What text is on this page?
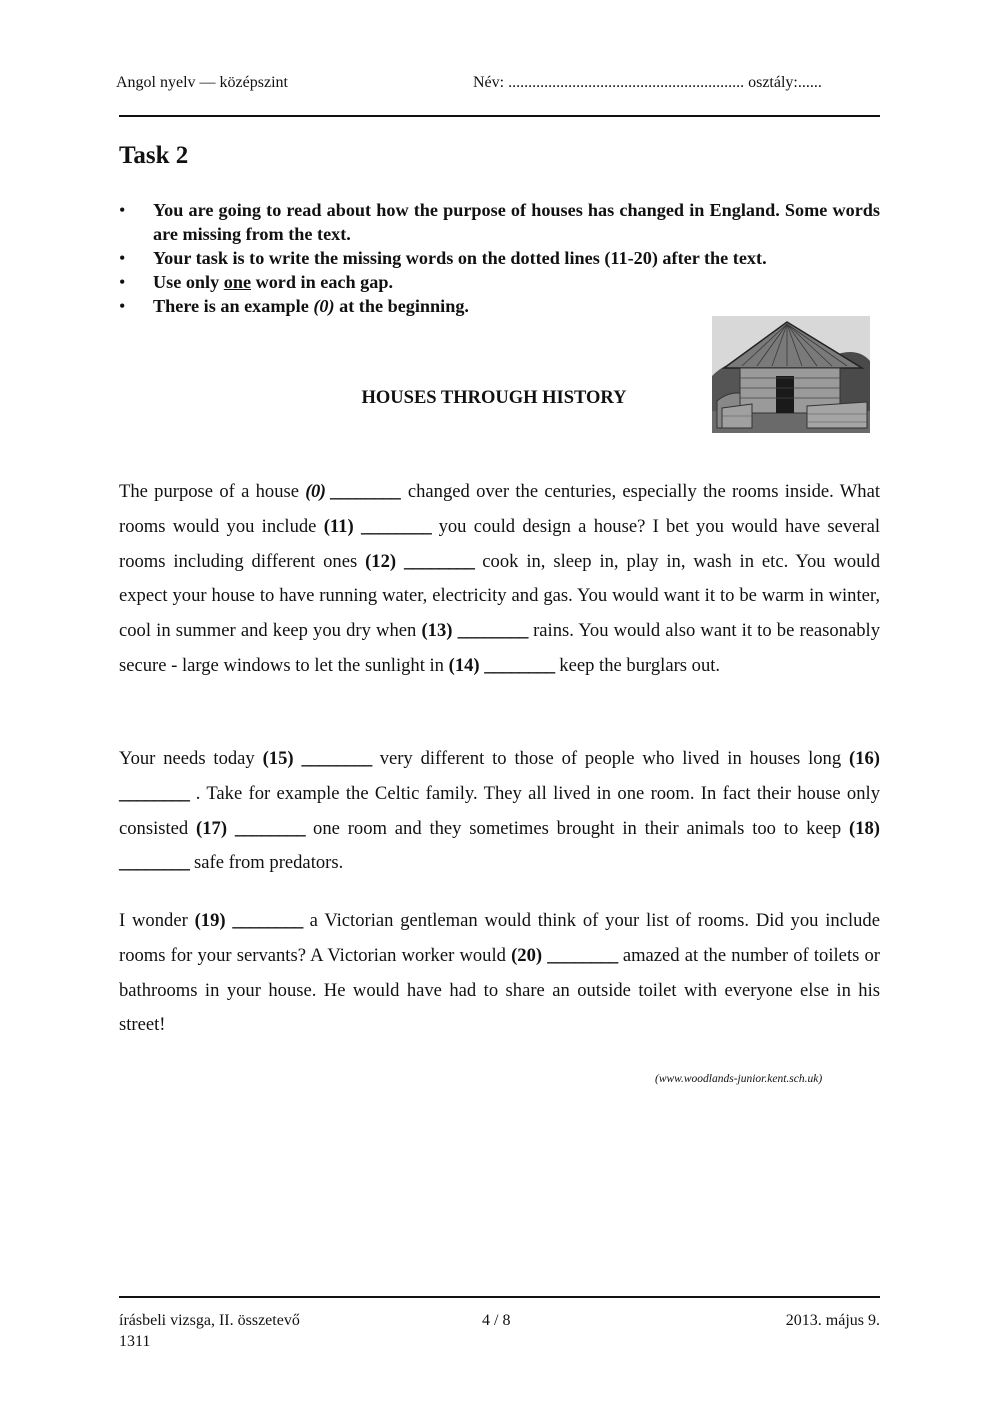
Angol nyelv — középszint	Név: ........................................................... osztály:......
Task 2
• You are going to read about how the purpose of houses has changed in England. Some words are missing from the text.
• Your task is to write the missing words on the dotted lines (11-20) after the text.
• Use only one word in each gap.
• There is an example (0) at the beginning.
HOUSES THROUGH HISTORY
The purpose of a house (0) ________ changed over the centuries, especially the rooms inside. What rooms would you include (11) ________ you could design a house? I bet you would have several rooms including different ones (12) ________ cook in, sleep in, play in, wash in etc. You would expect your house to have running water, electricity and gas. You would want it to be warm in winter, cool in summer and keep you dry when (13) ________ rains. You would also want it to be reasonably secure - large windows to let the sunlight in (14) ________ keep the burglars out.
Your needs today (15) ________ very different to those of people who lived in houses long (16) ________ . Take for example the Celtic family. They all lived in one room. In fact their house only consisted (17) ________ one room and they sometimes brought in their animals too to keep (18) ________ safe from predators.
I wonder (19) ________ a Victorian gentleman would think of your list of rooms. Did you include rooms for your servants? A Victorian worker would (20) ________ amazed at the number of toilets or bathrooms in your house. He would have had to share an outside toilet with everyone else in his street!
(www.woodlands-junior.kent.sch.uk)
írásbeli vizsga, II. összetevő
1311
4 / 8	2013. május 9.
